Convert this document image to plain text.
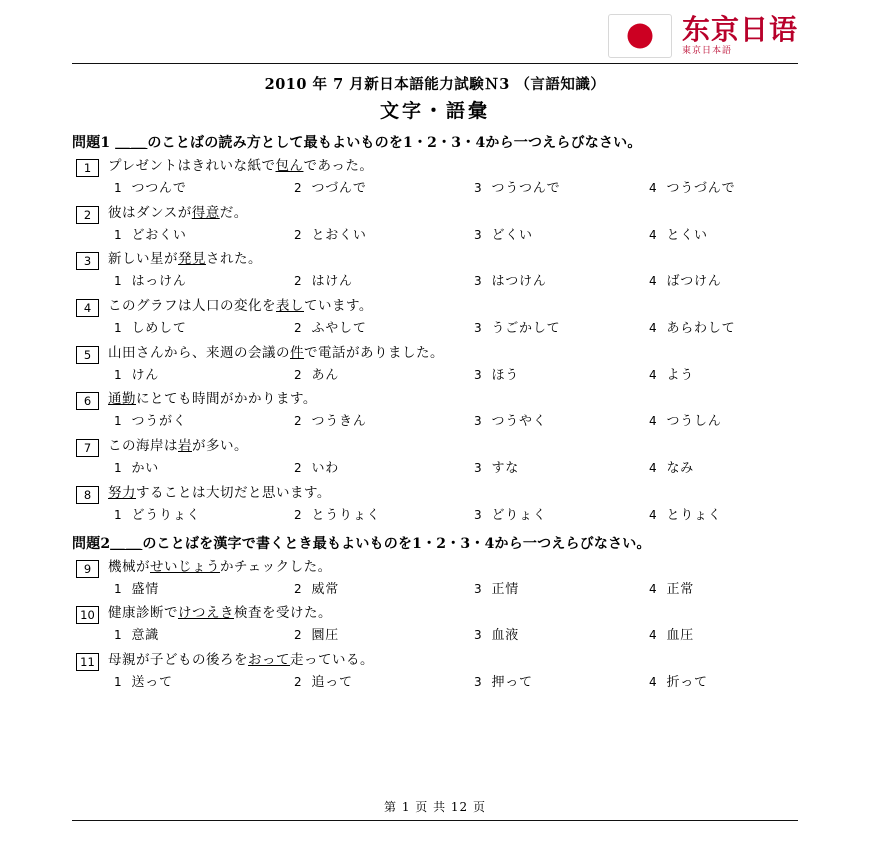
东京日语
東京日本語
2010 年 7 月新日本語能力試験Ｎ3 （言語知識）
文字・語彙
問題1 ＿＿のことばの読み方として最もよいものを1・2・3・4から一つえらびなさい。
1	プレゼントはきれいな紙で包んであった。
1 つつんで	2 つづんで	3 つうつんで	4 つうづんで
2	彼はダンスが得意だ。
1 どおくい	2 とおくい	3 どくい	4 とくい
3	新しい星が発見された。
1 はっけん	2 はけん	3 はつけん	4 ばつけん
4	このグラフは人口の変化を表しています。
1 しめして	2 ふやして	3 うごかして	4 あらわして
5	山田さんから、来週の会議の件で電話がありました。
1 けん	2 あん	3 ほう	4 よう
6	通勤にとても時間がかかります。
1 つうがく	2 つうきん	3 つうやく	4 つうしん
7	この海岸は岩が多い。
1 かい	2 いわ	3 すな	4 なみ
8	努力することは大切だと思います。
1 どうりょく	2 とうりょく	3 どりょく	4 とりょく
問題2＿＿のことばを漢字で書くとき最もよいものを1・2・3・4から一つえらびなさい。
9	機械がせいじょうかチェックした。
1 盛情	2 威常	3 正情	4 正常
10 健康診断でけつえき検査を受けた。
1 意識	2 圜圧	3 血液	4 血圧
11 母親が子どもの後ろをおって走っている。
1 送って	2 追って	3 押って	4 折って
第 1 页 共 12 页
